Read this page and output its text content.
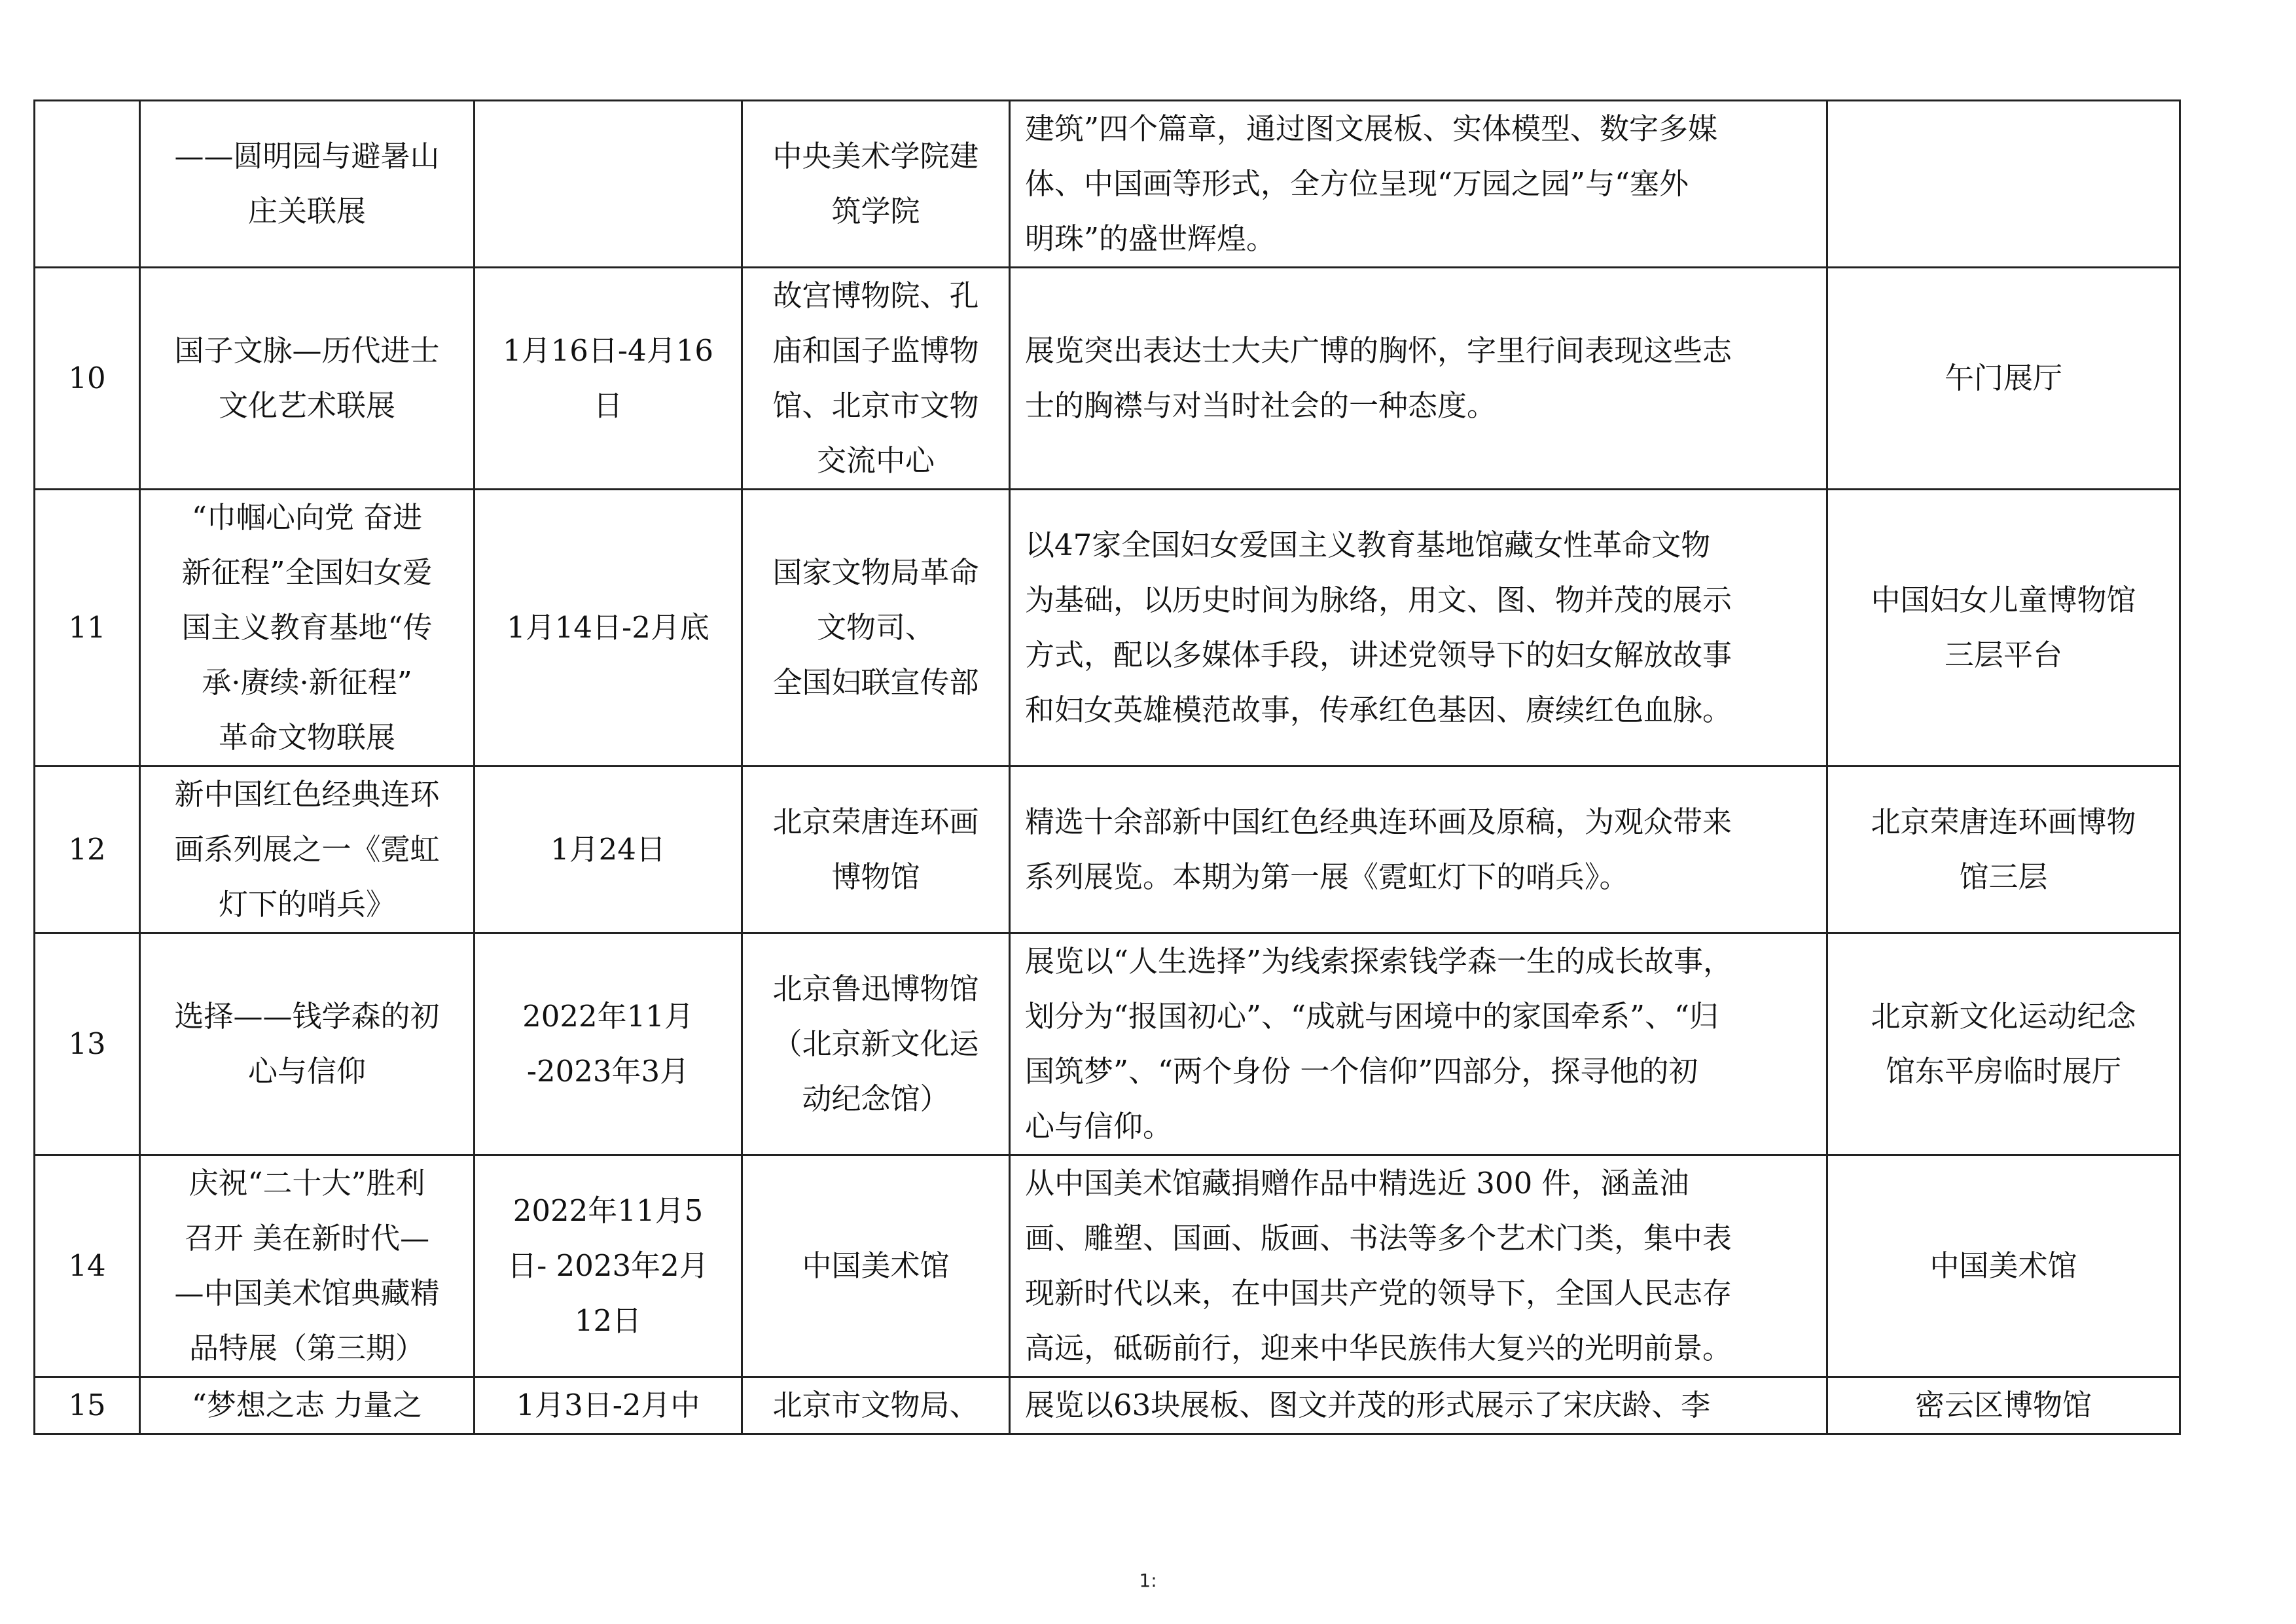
	——圆明园与避暑山
庄关联展		中央美术学院建
筑学院	建筑”四个篇章，通过图文展板、实体模型、数字多媒
体、中国画等形式，全方位呈现“万园之园”与“塞外
明珠”的盛世辉煌。	

10	国子文脉—历代进士
文化艺术联展	1月16日-4月16
日	故宫博物院、孔
庙和国子监博物
馆、北京市文物
交流中心	展览突出表达士大夫广博的胸怀，字里行间表现这些志
士的胸襟与对当时社会的一种态度。	午门展厅

11	“巾帼心向党 奋进
新征程”全国妇女爱
国主义教育基地“传
承·赓续·新征程”
革命文物联展	1月14日-2月底	国家文物局革命
文物司、
全国妇联宣传部	以47家全国妇女爱国主义教育基地馆藏女性革命文物
为基础，以历史时间为脉络，用文、图、物并茂的展示
方式，配以多媒体手段，讲述党领导下的妇女解放故事
和妇女英雄模范故事，传承红色基因、赓续红色血脉。	中国妇女儿童博物馆
三层平台

12	新中国红色经典连环
画系列展之一《霓虹
灯下的哨兵》	1月24日	北京荣唐连环画
博物馆	精选十余部新中国红色经典连环画及原稿，为观众带来
系列展览。本期为第一展《霓虹灯下的哨兵》。	北京荣唐连环画博物
馆三层

13	选择——钱学森的初
心与信仰	2022年11月
-2023年3月	北京鲁迅博物馆
（北京新文化运
动纪念馆）	展览以“人生选择”为线索探索钱学森一生的成长故事，
划分为“报国初心”、“成就与困境中的家国牵系”、“归
国筑梦”、“两个身份 一个信仰”四部分，探寻他的初
心与信仰。	北京新文化运动纪念
馆东平房临时展厅

14	庆祝“二十大”胜利
召开 美在新时代—
—中国美术馆典藏精
品特展（第三期）	2022年11月5
日- 2023年2月
12日	中国美术馆	从中国美术馆藏捐赠作品中精选近 300 件，涵盖油
画、雕塑、国画、版画、书法等多个艺术门类，集中表
现新时代以来，在中国共产党的领导下，全国人民志存
高远，砥砺前行，迎来中华民族伟大复兴的光明前景。	中国美术馆

15	“梦想之志 力量之	1月3日-2月中	北京市文物局、	展览以63块展板、图文并茂的形式展示了宋庆龄、李	密云区博物馆
1:
